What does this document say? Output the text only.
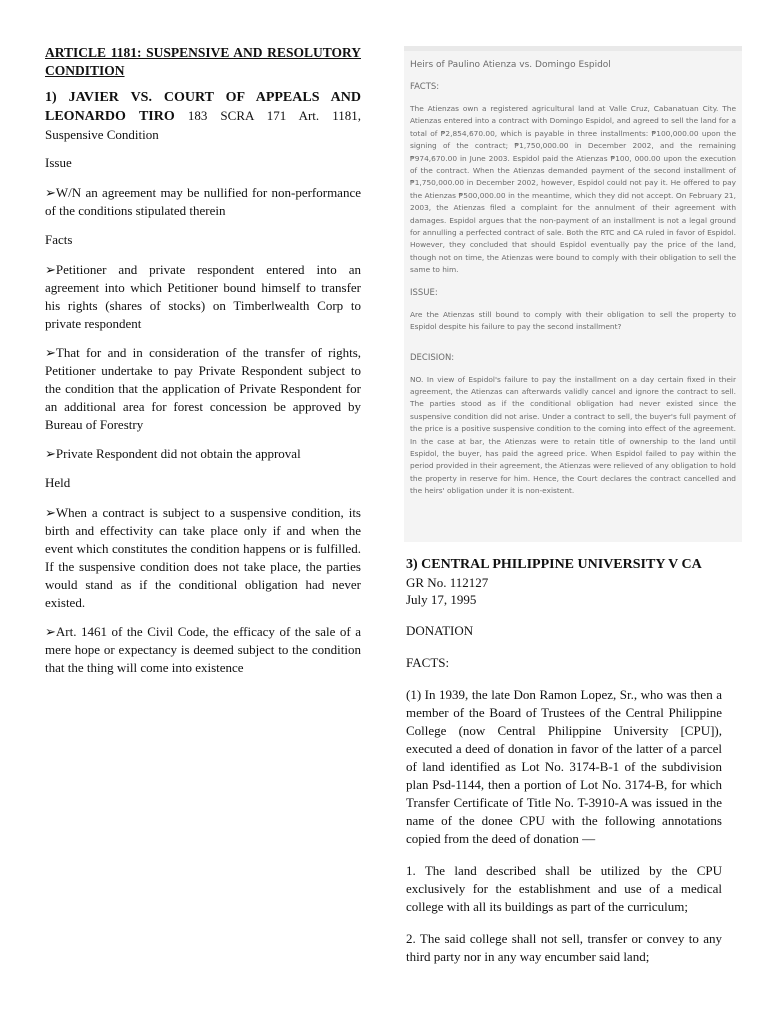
ARTICLE 1181: SUSPENSIVE AND RESOLUTORY CONDITION

1) JAVIER VS. COURT OF APPEALS AND LEONARDO TIRO 183 SCRA 171 Art. 1181, Suspensive Condition

Issue

➢W/N an agreement may be nullified for non-performance of the conditions stipulated therein

Facts

➢Petitioner and private respondent entered into an agreement into which Petitioner bound himself to transfer his rights (shares of stocks) on Timberlwealth Corp to private respondent

➢That for and in consideration of the transfer of rights, Petitioner undertake to pay Private Respondent subject to the condition that the application of Private Respondent for an additional area for forest concession be approved by Bureau of Forestry

➢Private Respondent did not obtain the approval

Held

➢When a contract is subject to a suspensive condition, its birth and effectivity can take place only if and when the event which constitutes the condition happens or is fulfilled. If the suspensive condition does not take place, the parties would stand as if the conditional obligation had never existed.

➢Art. 1461 of the Civil Code, the efficacy of the sale of a mere hope or expectancy is deemed subject to the condition that the thing will come into existence

Heirs of Paulino Atienza vs. Domingo Espidol

FACTS:

The Atienzas own a registered agricultural land at Valle Cruz, Cabanatuan City. The Atienzas entered into a contract with Domingo Espidol, and agreed to sell the land for a total of ₱2,854,670.00, which is payable in three installments: ₱100,000.00 upon the signing of the contract; ₱1,750,000.00 in December 2002, and the remaining ₱974,670.00 in June 2003. Espidol paid the Atienzas ₱100, 000.00 upon the execution of the contract. When the Atienzas demanded payment of the second installment of ₱1,750,000.00 in December 2002, however, Espidol could not pay it. He offered to pay the Atienzas ₱500,000.00 in the meantime, which they did not accept. On February 21, 2003, the Atienzas filed a complaint for the annulment of their agreement with damages. Espidol argues that the non-payment of an installment is not a legal ground for annulling a perfected contract of sale. Both the RTC and CA ruled in favor of Espidol. However, they concluded that should Espidol eventually pay the price of the land, though not on time, the Atienzas were bound to comply with their obligation to sell the same to him.

ISSUE:

Are the Atienzas still bound to comply with their obligation to sell the property to Espidol despite his failure to pay the second installment?

DECISION:

NO. In view of Espidol's failure to pay the installment on a day certain fixed in their agreement, the Atienzas can afterwards validly cancel and ignore the contract to sell. The parties stood as if the conditional obligation had never existed since the suspensive condition did not arise. Under a contract to sell, the buyer's full payment of the price is a positive suspensive condition to the coming into effect of the agreement. In the case at bar, the Atienzas were to retain title of ownership to the land until Espidol, the buyer, has paid the agreed price. When Espidol failed to pay within the period provided in their agreement, the Atienzas were relieved of any obligation to hold the property in reserve for him. Hence, the Court declares the contract cancelled and the heirs' obligation under it is non-existent.

3) CENTRAL PHILIPPINE UNIVERSITY V CA

GR No. 112127

July 17, 1995

DONATION

FACTS:

(1) In 1939, the late Don Ramon Lopez, Sr., who was then a member of the Board of Trustees of the Central Philippine College (now Central Philippine University [CPU]), executed a deed of donation in favor of the latter of a parcel of land identified as Lot No. 3174-B-1 of the subdivision plan Psd-1144, then a portion of Lot No. 3174-B, for which Transfer Certificate of Title No. T-3910-A was issued in the name of the donee CPU with the following annotations copied from the deed of donation —

1. The land described shall be utilized by the CPU exclusively for the establishment and use of a medical college with all its buildings as part of the curriculum;

2. The said college shall not sell, transfer or convey to any third party nor in any way encumber said land;
